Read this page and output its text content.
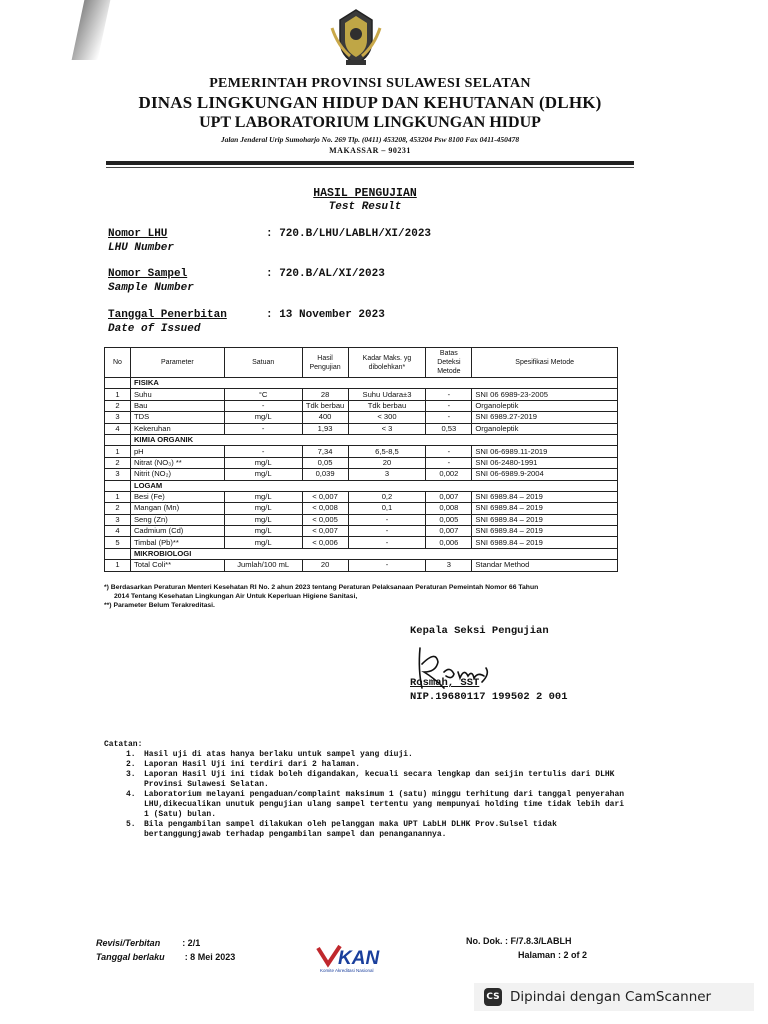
PEMERINTAH PROVINSI SULAWESI SELATAN
DINAS LINGKUNGAN HIDUP DAN KEHUTANAN (DLHK)
UPT LABORATORIUM LINGKUNGAN HIDUP
Jalan Jenderal Urip Sumoharjo No. 269 Tlp. (0411) 453208, 453204 Psw 8100 Fax 0411-450478
MAKASSAR – 90231
HASIL PENGUJIAN
Test Result
Nomor LHU
LHU Number
: 720.B/LHU/LABLH/XI/2023
Nomor Sampel
Sample Number
: 720.B/AL/XI/2023
Tanggal Penerbitan
Date of Issued
: 13 November 2023
No	Parameter	Satuan	Hasil Pengujian	Kadar Maks. yg dibolehkan*	Batas Deteksi Metode	Spesifikasi Metode
	FISIKA					
1	Suhu	°C	28	Suhu Udara±3	-	SNI 06 6989-23-2005
2	Bau	-	Tdk berbau	Tdk berbau	-	Organoleptik
3	TDS	mg/L	400	< 300	-	SNI 6989.27-2019
4	Kekeruhan	-	1,93	< 3	0,53	Organoleptik
	KIMIA ORGANIK					
1	pH	-	7,34	6,5-8,5	-	SNI 06-6989.11-2019
2	Nitrat (NO₃) **	mg/L	0,05	20	-	SNI 06-2480-1991
3	Nitrit (NO₂)	mg/L	0,039	3	0,002	SNI 06-6989.9-2004
	LOGAM					
1	Besi (Fe)	mg/L	< 0,007	0,2	0,007	SNI 6989.84 – 2019
2	Mangan (Mn)	mg/L	< 0,008	0,1	0,008	SNI 6989.84 – 2019
3	Seng (Zn)	mg/L	< 0,005	-	0,005	SNI 6989.84 – 2019
4	Cadmium (Cd)	mg/L	< 0,007	-	0,007	SNI 6989.84 – 2019
5	Timbal (Pb)**	mg/L	< 0,006	-	0,006	SNI 6989.84 – 2019
	MIKROBIOLOGI					
1	Total Coli**	Jumlah/100 mL	20	-	3	Standar Method
*) Berdasarkan Peraturan Menteri Kesehatan RI No. 2 ahun 2023 tentang Peraturan Pelaksanaan Peraturan Pemeintah Nomor 66 Tahun
2014 Tentang Kesehatan Lingkungan Air Untuk Keperluan Higiene Sanitasi,
**) Parameter Belum Terakreditasi.
Kepala Seksi Pengujian
Rosmah, SST
NIP.19680117 199502 2 001
Catatan:
1.	Hasil uji di atas hanya berlaku untuk sampel yang diuji.
2.	Laporan Hasil Uji ini terdiri dari 2 halaman.
3.	Laporan Hasil Uji ini tidak boleh digandakan, kecuali secara lengkap dan seijin tertulis dari DLHK Provinsi Sulawesi Selatan.
4.	Laboratorium melayani pengaduan/complaint maksimum 1 (satu) minggu terhitung dari tanggal penyerahan LHU,dikecualikan unutuk pengujian ulang sampel tertentu yang mempunyai holding time tidak lebih dari 1 (Satu) bulan.
5.	Bila pengambilan sampel dilakukan oleh pelanggan maka UPT LabLH DLHK Prov.Sulsel tidak bertanggungjawab terhadap pengambilan sampel dan penanganannya.
Revisi/Terbitan : 2/1
Tanggal berlaku : 8 Mei 2023	KAN
Komite Akreditasi Nasional
No. Dok. : F/7.8.3/LABLH
Halaman : 2 of 2
CS Dipindai dengan CamScanner
